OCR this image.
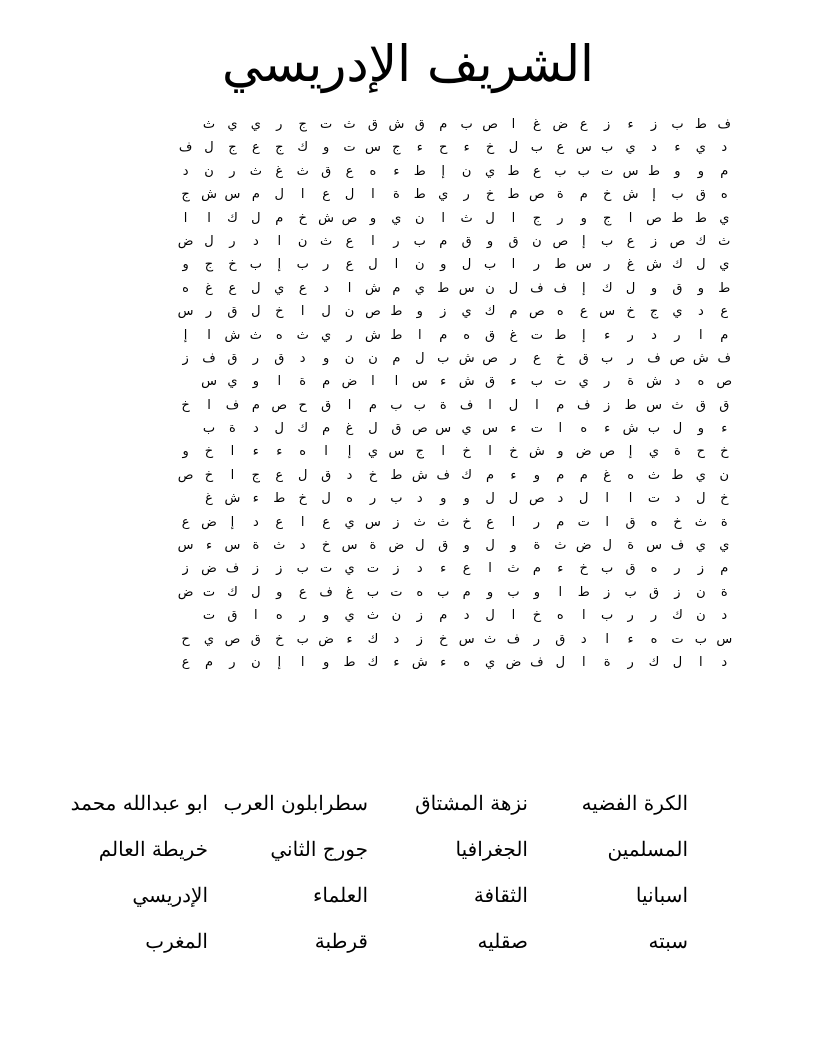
الشريف الإدريسي
ف
ط
ب
ز
ء
ز
ع
ض
غ
ا
ص
ب
م
ق
ش
ق
ث
ت
ج
ر
ي
ي
ث
د
ي
ء
د
ي
ب
س
ع
ب
ل
خ
ء
ح
ء
ج
س
ت
و
ك
ج
ع
ج
ل
ف
م
و
و
ط
س
ت
ب
ب
ع
ط
ي
ن
إ
ط
ء
ه
ع
ق
ث
غ
ث
ر
ن
د
ه
ق
ب
إ
ش
خ
م
ة
ص
ط
خ
ر
ي
ط
ة
ا
ل
ع
ا
ل
م
س
ش
ج
ي
ط
ط
ص
ا
ج
و
ر
ج
ا
ل
ث
ا
ن
ي
و
ص
ش
خ
م
ل
ك
ا
ا
ث
ك
ص
ز
ع
ب
إ
ص
ن
ق
و
ق
م
ب
ر
ا
ع
ث
ن
ا
د
ر
ل
ض
ي
ل
ك
ش
غ
ر
س
ط
ر
ا
ب
ل
و
ن
ا
ل
ع
ر
ب
إ
ب
خ
ج
و
ط
و
ق
و
ل
ك
إ
ف
ف
ل
ن
س
ط
ي
م
ش
ا
د
ع
ي
ل
ع
غ
ه
ع
د
ي
ج
خ
س
ع
ه
ص
م
ك
ي
ز
و
ط
ص
ن
ل
ا
خ
ل
ق
ر
س
م
ا
ر
د
ر
ء
إ
ط
ت
غ
ق
ه
م
ا
ط
ش
ر
ي
ث
ه
ث
ش
ا
إ
ف
ش
ص
ف
ر
ب
ق
خ
ع
ر
ص
ش
ب
ل
م
ن
ن
و
د
ق
ر
ق
ف
ز
ص
ه
د
ش
ة
ر
ي
ت
ب
ء
ق
ش
ء
س
ا
ا
ض
م
ة
ا
و
ي
س
ق
ق
ث
س
ط
ز
ف
م
ا
ل
ا
ف
ة
ب
ب
م
ا
ق
ح
ص
م
ف
ا
خ
ء
و
ل
ب
ش
ء
ه
ا
ت
ء
س
ي
س
ص
ق
ل
غ
م
ك
ل
د
ة
ب
خ
ح
ة
ي
إ
ص
ض
و
ش
خ
ا
خ
ا
ج
س
ي
إ
ا
ه
ء
ء
ا
خ
و
ن
ي
ط
ث
ه
غ
م
م
و
ء
م
ك
ف
ش
ط
خ
د
ق
ل
ع
ج
ا
خ
ص
خ
ل
د
ت
ا
ا
ل
د
ص
ل
ل
و
و
د
ب
ر
ه
ل
خ
ط
ء
ش
غ
ة
ث
خ
ه
ق
ا
ت
م
ر
ا
ع
خ
ث
ث
ز
س
ي
ع
ا
ع
د
إ
ض
ع
ي
ي
ف
س
ة
ل
ض
ث
ة
و
ل
و
ق
ل
ض
ة
س
خ
د
ث
ة
س
ء
س
م
ز
ر
ه
ق
ب
خ
ء
م
ث
ا
ع
ء
د
ز
ت
ي
ت
ب
ز
ز
ف
ض
ز
ة
ن
ز
ق
ب
ز
ط
ا
و
ب
و
م
ب
ه
ت
ب
غ
ف
ع
و
ل
ك
ت
ض
د
ن
ك
ر
ر
ب
ا
ه
خ
ا
ل
د
م
ز
ن
ث
ي
و
ر
ه
ا
ق
ت
س
ب
ت
ه
ء
ا
د
ق
ر
ف
ث
س
خ
ز
د
ك
ء
ض
ب
خ
ق
ص
ي
ح
د
ا
ل
ك
ر
ة
ا
ل
ف
ض
ي
ه
ء
ش
ء
ك
ط
و
ا
إ
ن
ر
م
ع
الكرة الفضيه
نزهة المشتاق
سطرابلون العرب
ابو عبدالله محمد
المسلمين
الجغرافيا
جورج الثاني
خريطة العالم
اسبانيا
الثقافة
العلماء
الإدريسي
سبته
صقليه
قرطبة
المغرب
